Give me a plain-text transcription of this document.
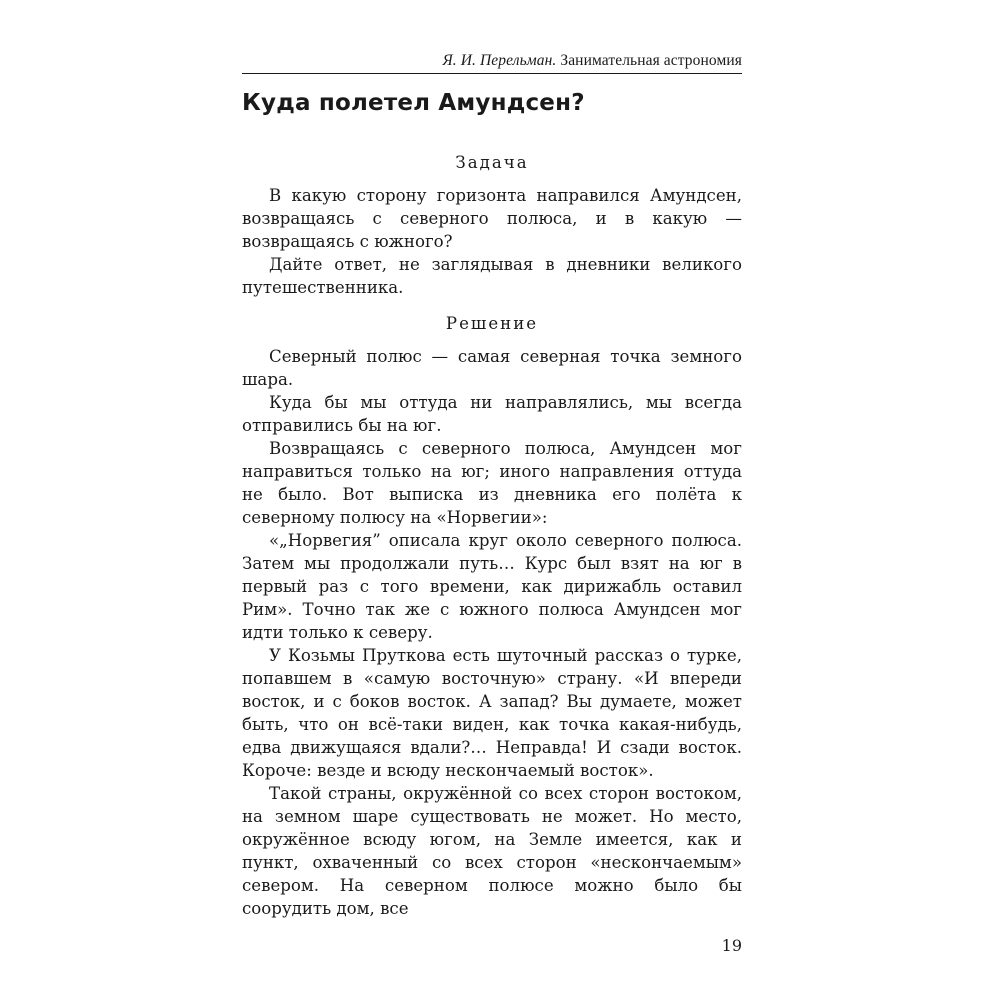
Я. И. Перельман. Занимательная астрономия
Куда полетел Амундсен?

Задача

В какую сторону горизонта направился Амундсен, возвращаясь с северного полюса, и в какую — возвращаясь с южного?

Дайте ответ, не заглядывая в дневники великого путешественника.

Решение

Северный полюс — самая северная точка земного шара.

Куда бы мы оттуда ни направлялись, мы всегда отправились бы на юг.

Возвращаясь с северного полюса, Амундсен мог направиться только на юг; иного направления оттуда не было. Вот выписка из дневника его полёта к северному полюсу на «Норвегии»:

«„Норвегия” описала круг около северного полюса. Затем мы продолжали путь… Курс был взят на юг в первый раз с того времени, как дирижабль оставил Рим». Точно так же с южного полюса Амундсен мог идти только к северу.

У Козьмы Пруткова есть шуточный рассказ о турке, попавшем в «самую восточную» страну. «И впереди восток, и с боков восток. А запад? Вы думаете, может быть, что он всё-таки виден, как точка какая-нибудь, едва движущаяся вдали?… Неправда! И сзади восток. Короче: везде и всюду нескончаемый восток».

Такой страны, окружённой со всех сторон востоком, на земном шаре существовать не может. Но место, окружённое всюду югом, на Земле имеется, как и пункт, охваченный со всех сторон «нескончаемым» севером. На северном полюсе можно было бы соорудить дом, все

19
